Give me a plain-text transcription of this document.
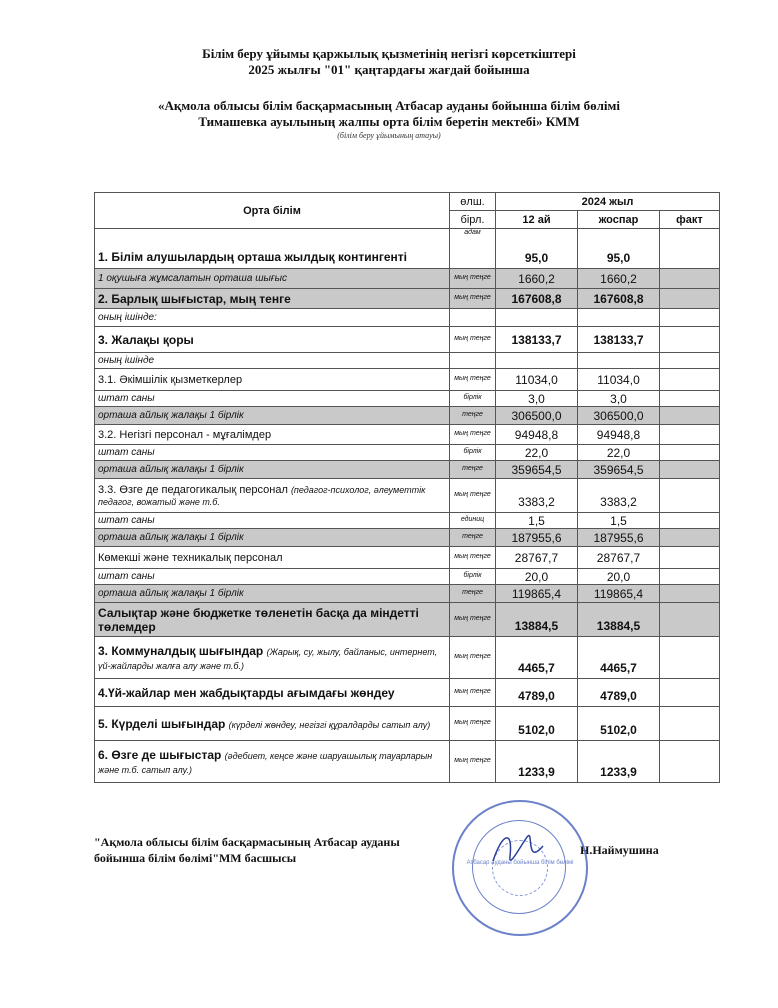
Білім беру ұйымы қаржылық қызметінің негізгі көрсеткіштері
2025 жылғы "01" қаңтардағы жағдай бойынша
«Ақмола облысы білім басқармасының Атбасар ауданы бойынша білім бөлімі
Тимашевка ауылының жалпы орта білім беретін мектебі» КММ
(білім беру ұйымының атауы)
Орта білім	өлш.	2024 жыл		
	бірл.	12 ай	жоспар	факт
1. Білім алушылардың орташа жылдық контингенті	адам	95,0	95,0	
1 оқушыға жұмсалатын орташа шығыс	мың теңге	1660,2	1660,2	
2. Барлық шығыстар, мың тенге	мың теңге	167608,8	167608,8	
оның ішінде:				
3. Жалақы қоры	мың теңге	138133,7	138133,7	
оның ішінде				
3.1. Әкімшілік қызметкерлер	мың теңге	11034,0	11034,0	
штат саны	бірлік	3,0	3,0	
орташа айлық жалақы 1 бірлік	теңге	306500,0	306500,0	
3.2. Негізгі персонал - мұғалімдер	мың теңге	94948,8	94948,8	
штат саны	бірлік	22,0	22,0	
орташа айлық жалақы 1 бірлік	теңге	359654,5	359654,5	
3.3. Өзге де педагогикалық персонал (педагог-психолог, әлеуметтік педагог, вожатый және т.б.	мың теңге	3383,2	3383,2	
штат саны	единиц	1,5	1,5	
орташа айлық жалақы 1 бірлік	теңге	187955,6	187955,6	
Көмекші және техникалық персонал	мың теңге	28767,7	28767,7	
штат саны	бірлік	20,0	20,0	
орташа айлық жалақы 1 бірлік	теңге	119865,4	119865,4	
Салықтар және бюджетке төленетін басқа да міндетті төлемдер	мың теңге	13884,5	13884,5	
3. Коммуналдық шығындар (Жарық, су, жылу, байланыс, интернет, үй-жайларды жалға алу және т.б.)	мың теңге	4465,7	4465,7	
4.Үй-жайлар мен жабдықтарды ағымдағы жөндеу	мың теңге	4789,0	4789,0	
5. Күрделі шығындар (күрделі жөндеу, негізгі құралдарды сатып алу)	мың теңге	5102,0	5102,0	
6. Өзге де шығыстар (әдебиет, кеңсе және шаруашылық тауарларын және т.б. сатып алу.)	мың теңге	1233,9	1233,9	
"Ақмола облысы білім басқармасының Атбасар ауданы
бойынша білім бөлімі"ММ басшысы
Н.Наймушина
Атбасар ауданы бойынша білім бөлімі
